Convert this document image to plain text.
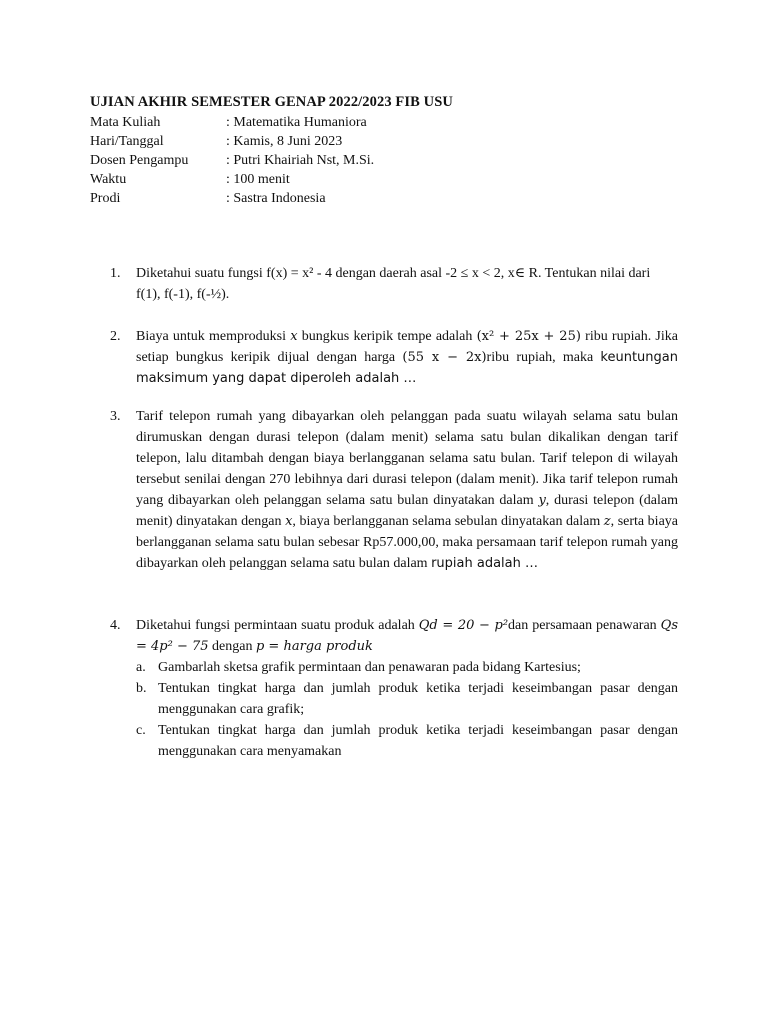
UJIAN AKHIR SEMESTER GENAP 2022/2023 FIB USU
Mata Kuliah	: Matematika Humaniora
Hari/Tanggal	: Kamis, 8 Juni 2023
Dosen Pengampu	: Putri Khairiah Nst, M.Si.
Waktu	: 100 menit
Prodi	: Sastra Indonesia
1.	Diketahui suatu fungsi f(x) = x² - 4 dengan daerah asal -2 ≤ x < 2, x∈ R. Tentukan nilai dari f(1), f(-1), f(-½).

2.	Biaya untuk memproduksi x bungkus keripik tempe adalah (x² + 25x + 25) ribu rupiah. Jika setiap bungkus keripik dijual dengan harga (55 x − 2x)ribu rupiah, maka keuntungan maksimum yang dapat diperoleh adalah …

3.	Tarif telepon rumah yang dibayarkan oleh pelanggan pada suatu wilayah selama satu bulan dirumuskan dengan durasi telepon (dalam menit) selama satu bulan dikalikan dengan tarif telepon, lalu ditambah dengan biaya berlangganan selama satu bulan. Tarif telepon di wilayah tersebut senilai dengan 270 lebihnya dari durasi telepon (dalam menit). Jika tarif telepon rumah yang dibayarkan oleh pelanggan selama satu bulan dinyatakan dalam y, durasi telepon (dalam menit) dinyatakan dengan x, biaya berlangganan selama sebulan dinyatakan dalam z, serta biaya berlangganan selama satu bulan sebesar Rp57.000,00, maka persamaan tarif telepon rumah yang dibayarkan oleh pelanggan selama satu bulan dalam rupiah adalah …

4.	Diketahui fungsi permintaan suatu produk adalah Qd = 20 − p²dan persamaan penawaran Qs = 4p² − 75 dengan p = harga produk

a. Gambarlah sketsa grafik permintaan dan penawaran pada bidang Kartesius;
b. Tentukan tingkat harga dan jumlah produk ketika terjadi keseimbangan pasar dengan menggunakan cara grafik;
c. Tentukan tingkat harga dan jumlah produk ketika terjadi keseimbangan pasar dengan menggunakan cara menyamakan
